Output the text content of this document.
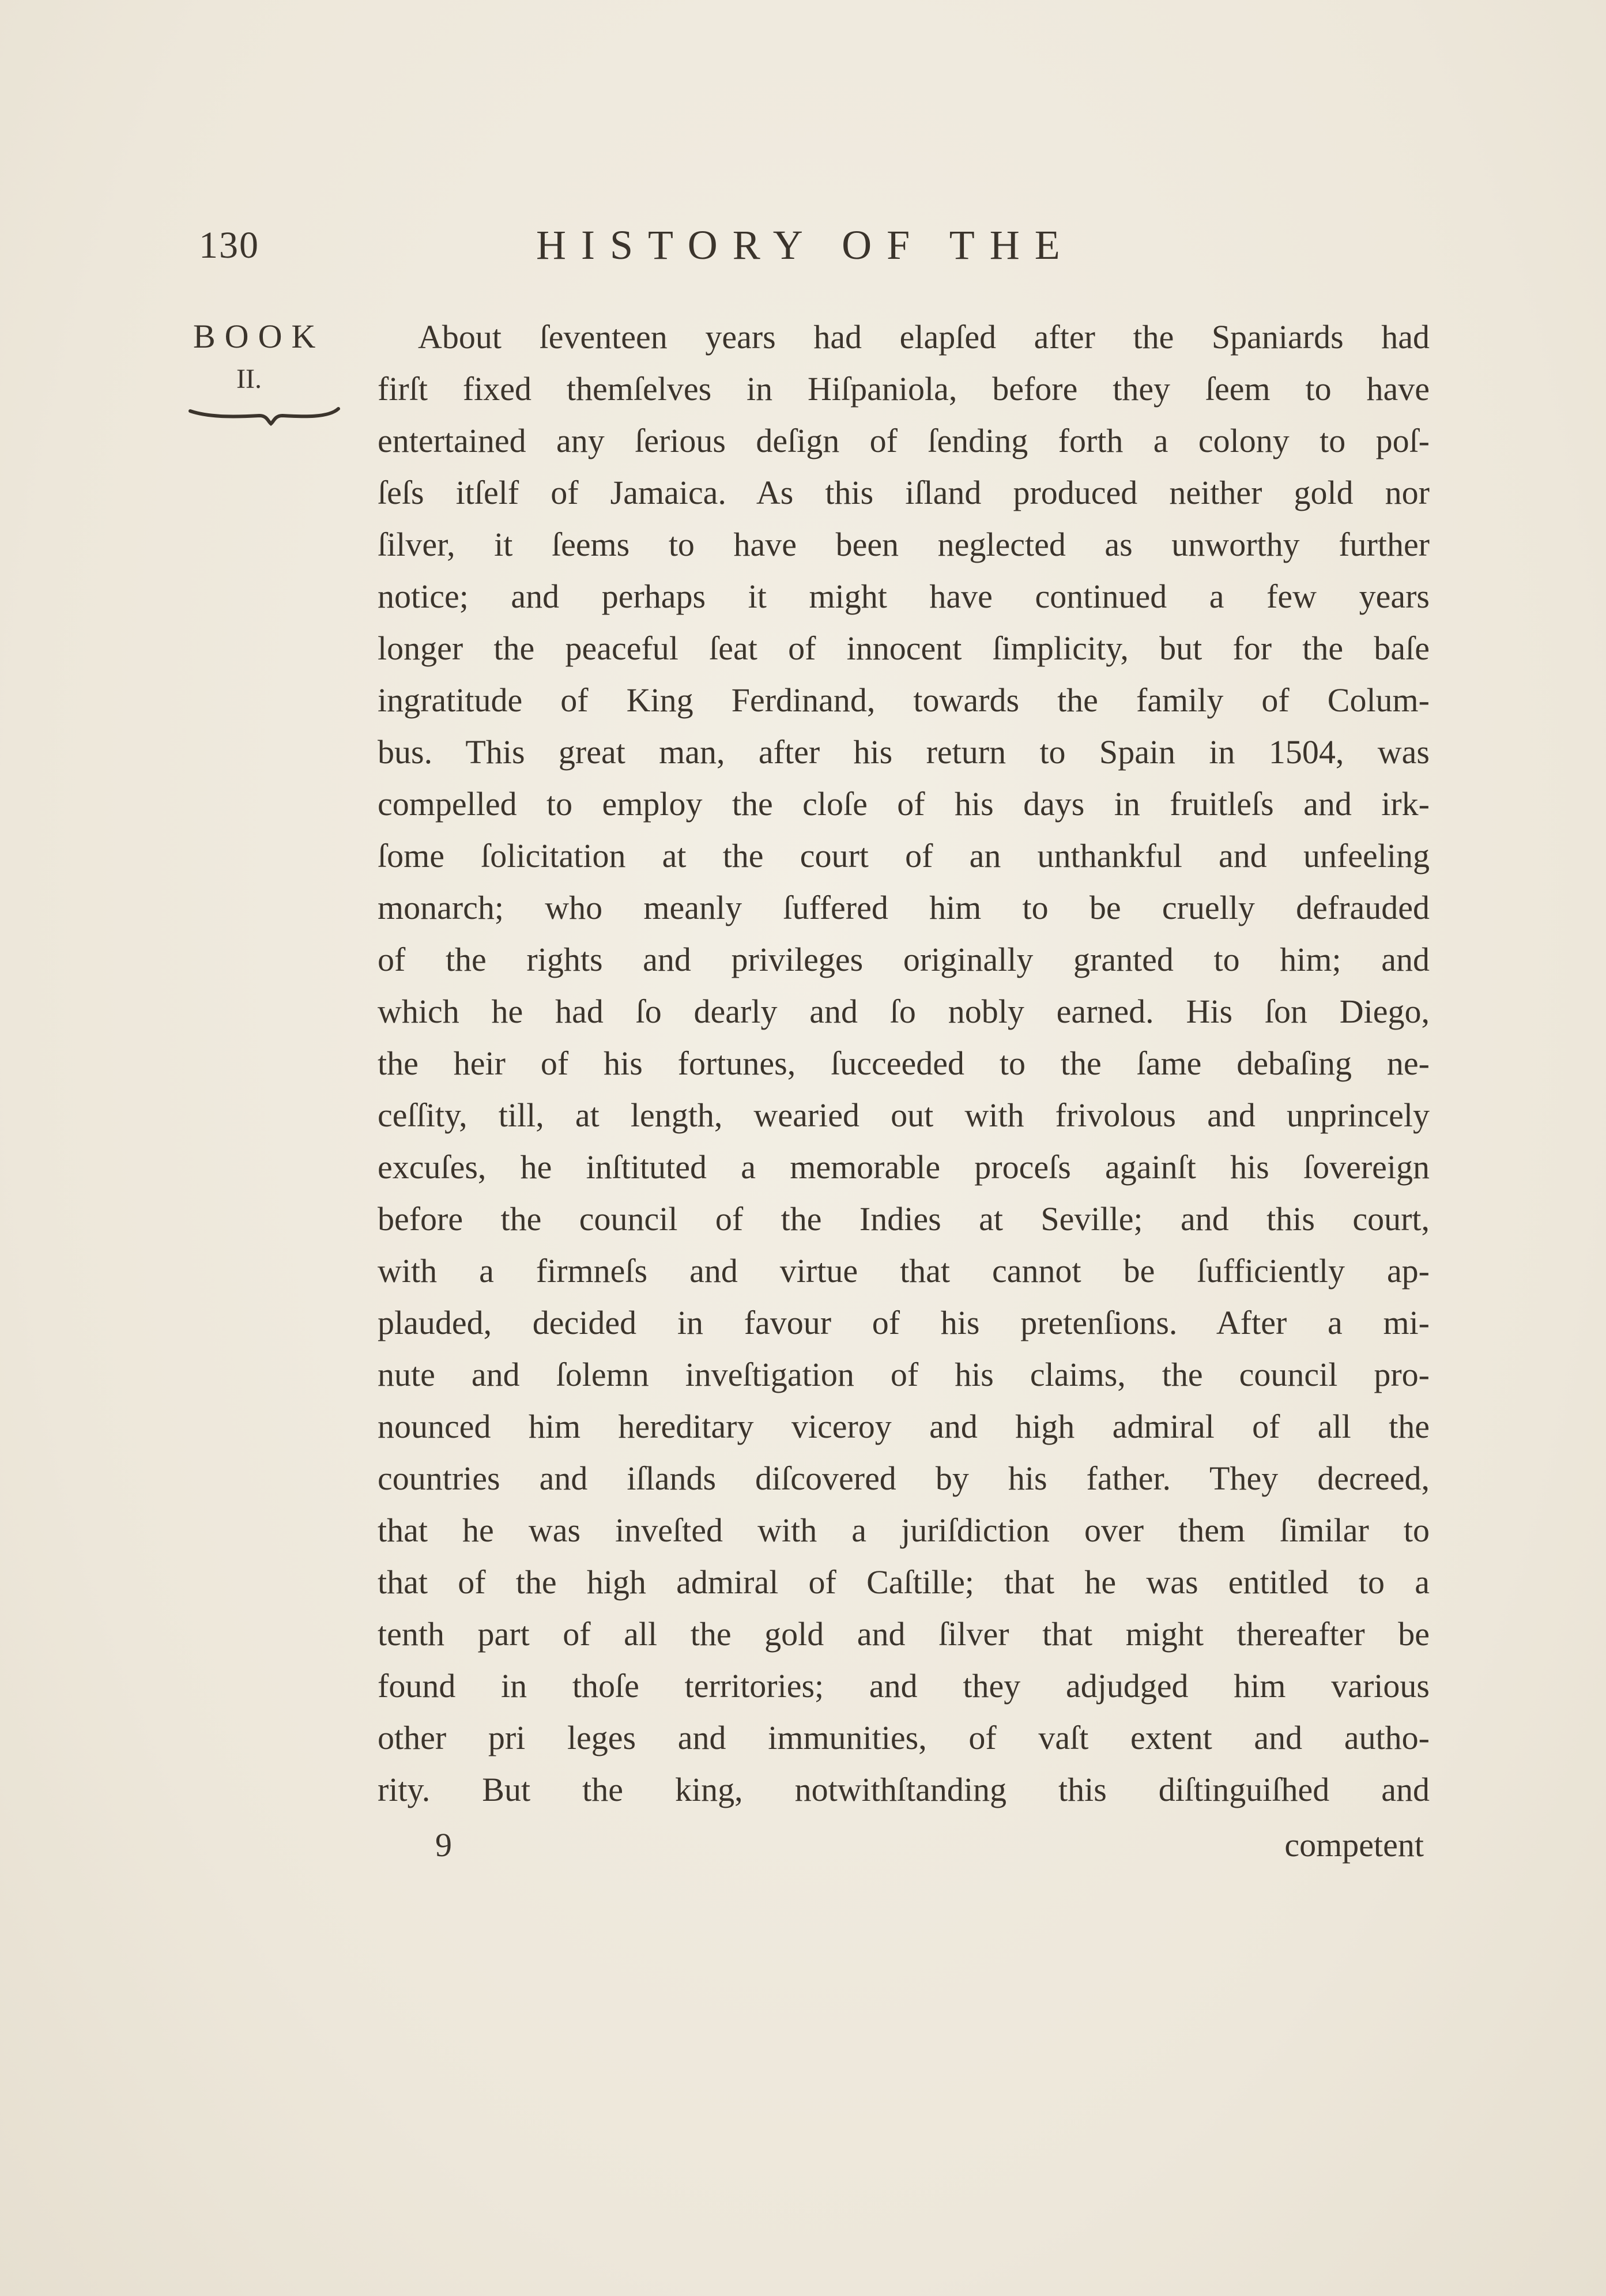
130	HISTORY OF THE
BOOK
II.
About ſeventeen years had elapſed after the Spaniards had
firſt fixed themſelves in Hiſpaniola, before they ſeem to have
entertained any ſerious deſign of ſending forth a colony to poſ-
ſeſs itſelf of Jamaica. As this iſland produced neither gold nor
ſilver, it ſeems to have been neglected as unworthy further
notice; and perhaps it might have continued a few years
longer the peaceful ſeat of innocent ſimplicity, but for the baſe
ingratitude of King Ferdinand, towards the family of Colum-
bus. This great man, after his return to Spain in 1504, was
compelled to employ the cloſe of his days in fruitleſs and irk-
ſome ſolicitation at the court of an unthankful and unfeeling
monarch; who meanly ſuffered him to be cruelly defrauded
of the rights and privileges originally granted to him; and
which he had ſo dearly and ſo nobly earned. His ſon Diego,
the heir of his fortunes, ſucceeded to the ſame debaſing ne-
ceſſity, till, at length, wearied out with frivolous and unprincely
excuſes, he inſtituted a memorable proceſs againſt his ſovereign
before the council of the Indies at Seville; and this court,
with a firmneſs and virtue that cannot be ſufficiently ap-
plauded, decided in favour of his pretenſions. After a mi-
nute and ſolemn inveſtigation of his claims, the council pro-
nounced him hereditary viceroy and high admiral of all the
countries and iſlands diſcovered by his father. They decreed,
that he was inveſted with a juriſdiction over them ſimilar to
that of the high admiral of Caſtille; that he was entitled to a
tenth part of all the gold and ſilver that might thereafter be
found in thoſe territories; and they adjudged him various
other pri leges and immunities, of vaſt extent and autho-
rity. But the king, notwithſtanding this diſtinguiſhed and
9	competent
